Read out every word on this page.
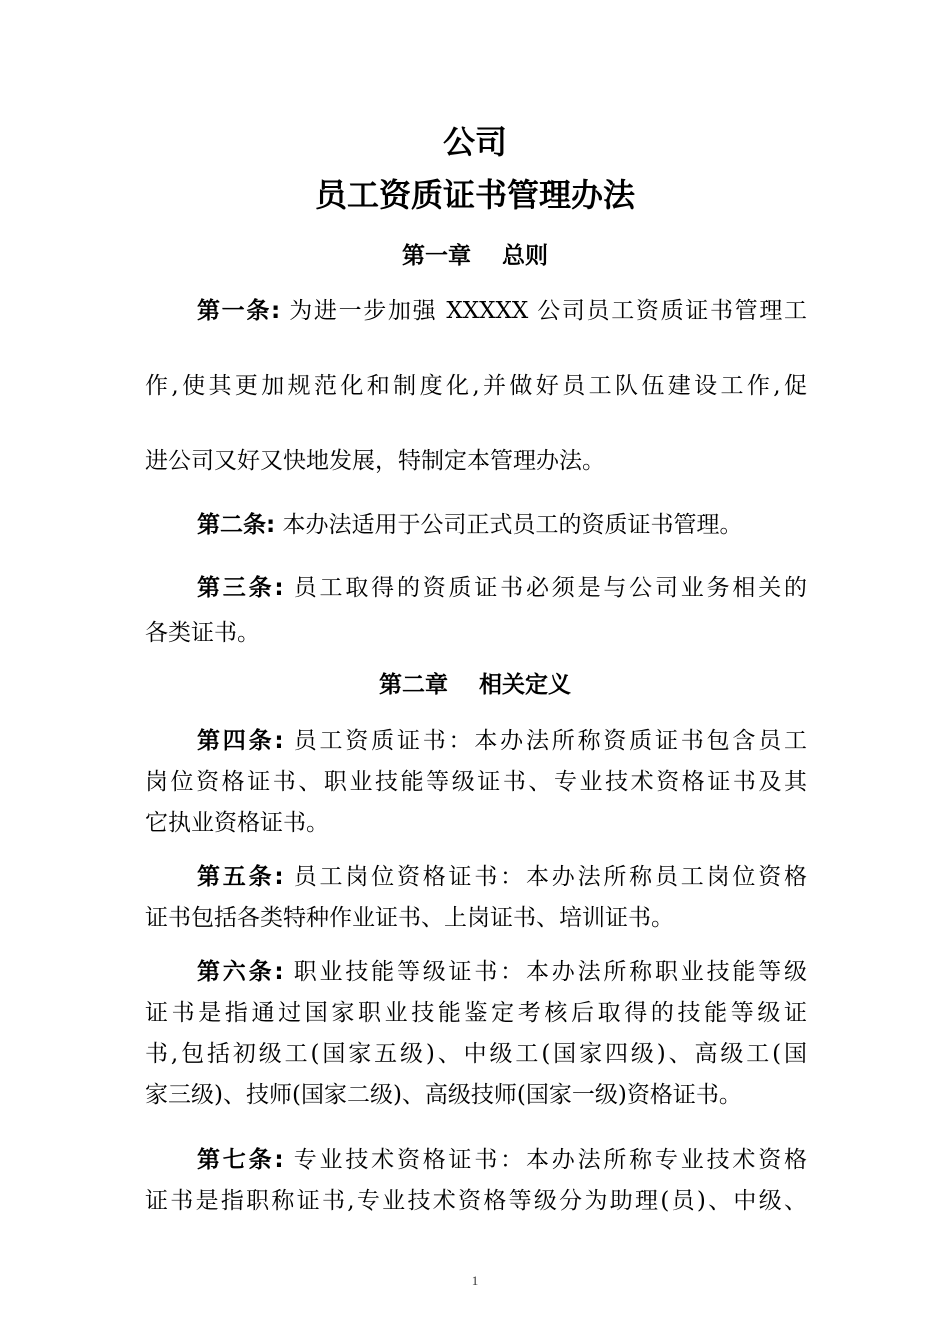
公司
员工资质证书管理办法
第一章　 总则
第一条: 为进一步加强 XXXXX 公司员工资质证书管理工
作,使其更加规范化和制度化,并做好员工队伍建设工作,促
进公司又好又快地发展，特制定本管理办法。
第二条: 本办法适用于公司正式员工的资质证书管理。
第三条: 员工取得的资质证书必须是与公司业务相关的
各类证书。
第二章　 相关定义
第四条: 员工资质证书：本办法所称资质证书包含员工
岗位资格证书、职业技能等级证书、专业技术资格证书及其
它执业资格证书。
第五条: 员工岗位资格证书：本办法所称员工岗位资格
证书包括各类特种作业证书、上岗证书、培训证书。
第六条: 职业技能等级证书：本办法所称职业技能等级
证书是指通过国家职业技能鉴定考核后取得的技能等级证
书,包括初级工(国家五级)、中级工(国家四级)、高级工(国
家三级)、技师(国家二级)、高级技师(国家一级)资格证书。
第七条: 专业技术资格证书：本办法所称专业技术资格
证书是指职称证书,专业技术资格等级分为助理(员)、中级、
1
